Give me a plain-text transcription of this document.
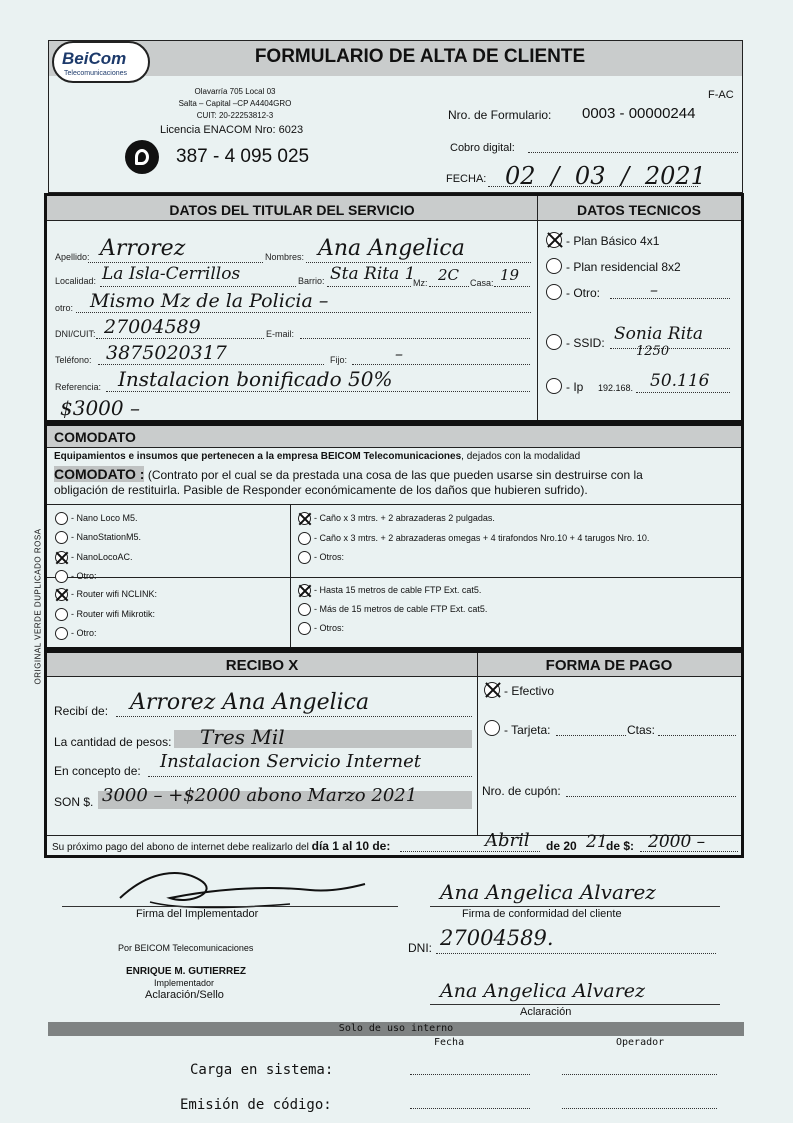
BeiCom
Telecomunicaciones
FORMULARIO DE ALTA DE CLIENTE
Olavarría 705 Local 03
Salta – Capital –CP A4404GRO
CUIT: 20-22253812-3
Licencia ENACOM Nro: 6023
387 - 4 095 025
F-AC
Nro. de Formulario: 0003 - 00000244
Cobro digital:
FECHA: 02 / 03 / 2021
DATOS DEL TITULAR DEL SERVICIO	DATOS TECNICOS
Apellido: Arrorez	Nombres: Ana Angelica
Localidad: La Isla-Cerrillos	Barrio: Sta Rita 1
Mz: 2C Casa: 19
otro: Mismo Mz de la Policia –
DNI/CUIT: 27004589	E-mail:
Teléfono: 3875020317	Fijo:	–
Referencia: Instalacion bonificado 50%
$3000 –
- Plan Básico 4x1
- Plan residencial 8x2
- Otro:	–
- SSID: Sonia Rita
1250
- Ip 192.168. 50.116
COMODATO
Equipamientos e insumos que pertenecen a la empresa BEICOM Telecomunicaciones, dejados con la modalidad
COMODATO : (Contrato por el cual se da prestada una cosa de las que pueden usarse sin destruirse con la
obligación de restituirla. Pasible de Responder económicamente de los daños que hubieren sufrido).
- Nano Loco M5.
- NanoStationM5.
- NanoLocoAC.
- Otro:
- Router wifi NCLINK:
- Router wifi Mikrotik:
- Otro:
- Caño x 3 mtrs. + 2 abrazaderas 2 pulgadas.
- Caño x 3 mtrs. + 2 abrazaderas omegas + 4 tirafondos Nro.10 + 4 tarugos Nro. 10.
- Otros:
- Hasta 15 metros de cable FTP Ext. cat5.
- Más de 15 metros de cable FTP Ext. cat5.
- Otros:
RECIBO X	FORMA DE PAGO
Recibí de: Arrorez Ana Angelica
La cantidad de pesos: Tres Mil
En concepto de: Instalacion Servicio Internet
SON $. 3000 – +$2000 abono Marzo 2021
- Efectivo
- Tarjeta:	Ctas:
Nro. de cupón:
Su próximo pago del abono de internet debe realizarlo del día 1 al 10 de:	Abril de 20 21
de $: 2000 –
Firma del Implementador
Ana Angelica Alvarez
Firma de conformidad del cliente
Por BEICOM Telecomunicaciones
ENRIQUE M. GUTIERREZ
Implementador
Aclaración/Sello
DNI: 27004589.
Ana Angelica Alvarez
Aclaración
Solo de uso interno
Fecha	Operador
Carga en sistema:
Emisión de código:
ORIGINAL VERDE DUPLICADO ROSA
